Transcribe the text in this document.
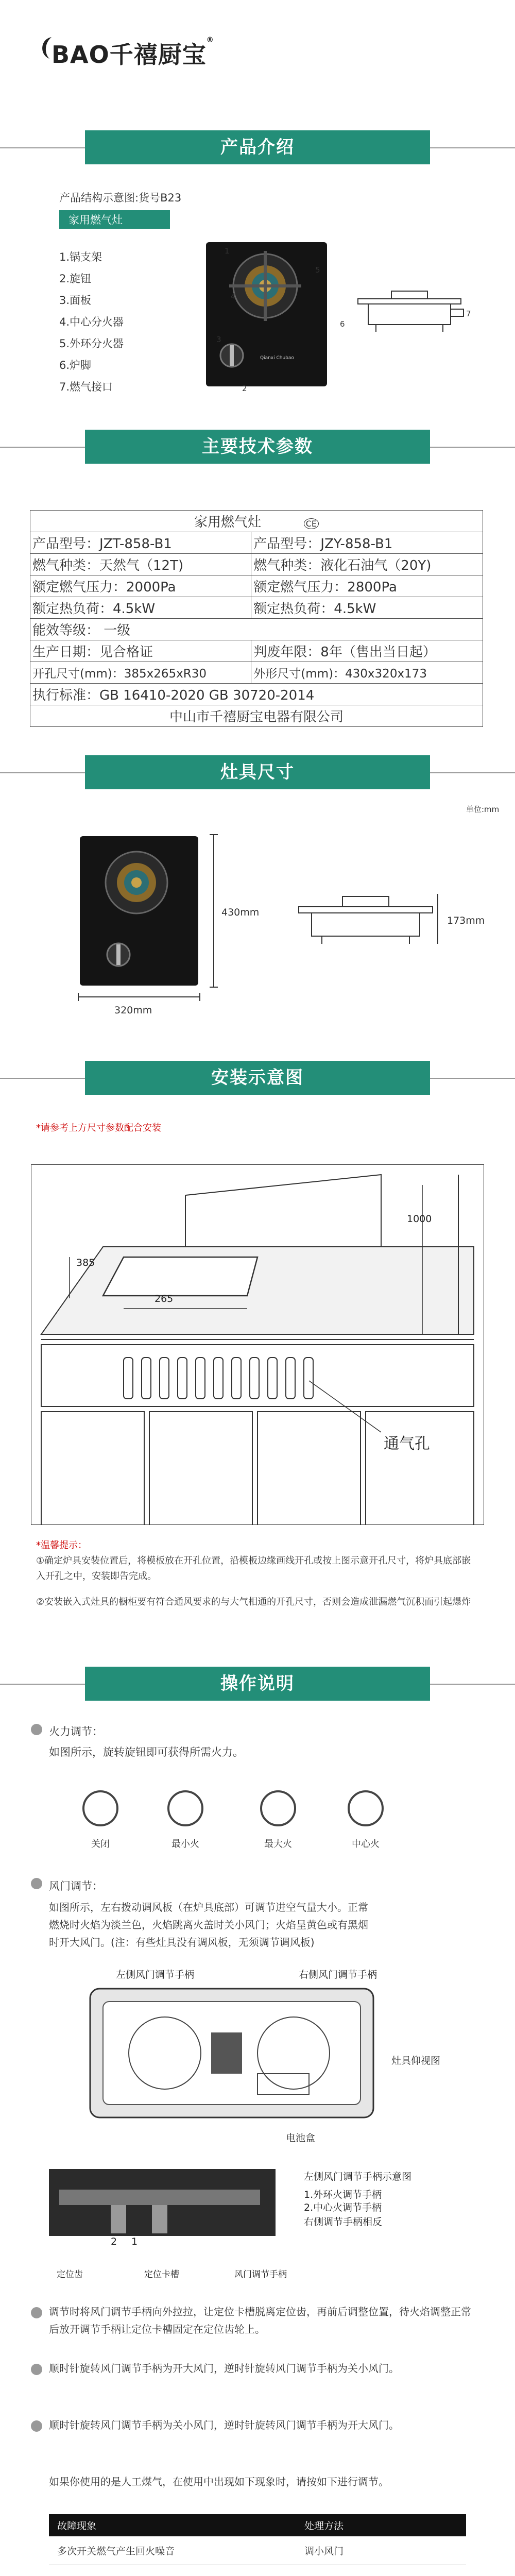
BAO千禧厨宝®
产品介绍
产品结构示意图:货号B23
家用燃气灶
1.锅支架
2.旋钮
3.面板
4.中心分火器
5.外环分火器
6.炉脚
7.燃气接口
Qianxi Chubao
1
4
5
3
2
6
7
主要技术参数
家用燃气灶 CE	
产品型号：JZT-858-B1	产品型号：JZY-858-B1
燃气种类：天然气（12T)	燃气种类：液化石油气（20Y)
额定燃气压力：2000Pa	额定燃气压力：2800Pa
额定热负荷：4.5kW	额定热负荷：4.5kW
能效等级： 一级	
生产日期：见合格证	判废年限：8年（售出当日起）
开孔尺寸(mm)：385x265xR30	外形尺寸(mm)：430x320x173
执行标准：GB 16410-2020 GB 30720-2014	
中山市千禧厨宝电器有限公司	
灶具尺寸
单位:mm
320mm
430mm
173mm
安装示意图
*请参考上方尺寸参数配合安装
385
265
1000
通气孔
*温馨提示：
①确定炉具安装位置后，将模板放在开孔位置，沿模板边缘画线开孔或按上图示意开孔尺寸，将炉具底部嵌入开孔之中，安装即告完成。
②安装嵌入式灶具的橱柜要有符合通风要求的与大气相通的开孔尺寸，否则会造成泄漏燃气沉积而引起爆炸
操作说明
火力调节：
如图所示，旋转旋钮即可获得所需火力。
关闭	最小火	最大火	中心火
风门调节：
如图所示，左右拨动调风板（在炉具底部）可调节进空气量大小。正常
燃烧时火焰为淡兰色，火焰跳离火盖时关小风门；火焰呈黄色或有黑烟
时开大风门。(注：有些灶具没有调风板，无须调节调风板)
左侧风门调节手柄	右侧风门调节手柄
灶具仰视图
电池盒
1
2
左侧风门调节手柄示意图
1.外环火调节手柄
2.中心火调节手柄
右侧调节手柄相反
定位齿	定位卡槽	风门调节手柄
调节时将风门调节手柄向外拉拉，让定位卡槽脱离定位齿，再前后调整位置，待火焰调整正常后放开调节手柄让定位卡槽固定在定位齿轮上。
顺时针旋转风门调节手柄为开大风门，逆时针旋转风门调节手柄为关小风门。
顺时针旋转风门调节手柄为关小风门，逆时针旋转风门调节手柄为开大风门。
如果你使用的是人工煤气，在使用中出现如下现象时，请按如下进行调节。
故障现象	处理方法
多次开关燃气产生回火噪音	调小风门
